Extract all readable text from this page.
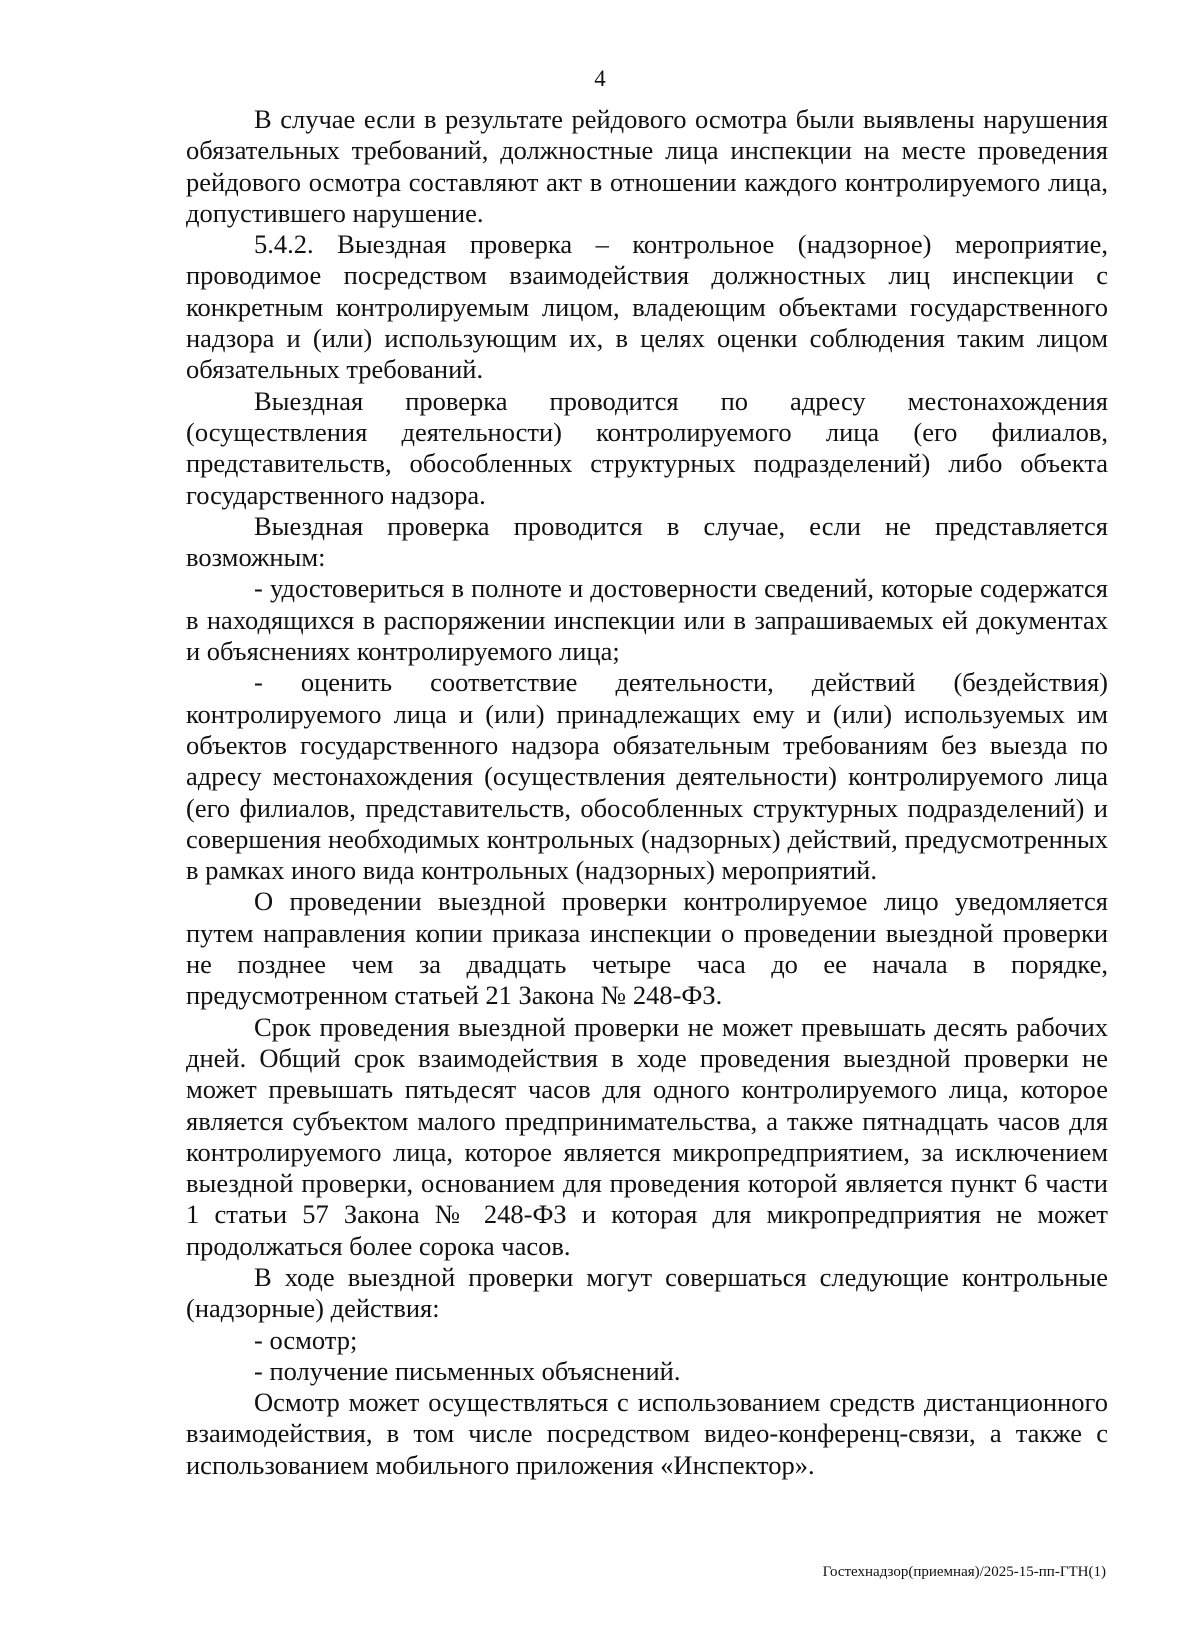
4

В случае если в результате рейдового осмотра были выявлены нарушения обязательных требований, должностные лица инспекции на месте проведения рейдового осмотра составляют акт в отношении каждого контролируемого лица, допустившего нарушение.

5.4.2. Выездная проверка – контрольное (надзорное) мероприятие, проводимое посредством взаимодействия должностных лиц инспекции с конкретным контролируемым лицом, владеющим объектами государственного надзора и (или) использующим их, в целях оценки соблюдения таким лицом обязательных требований.

Выездная проверка проводится по адресу местонахождения (осуществления деятельности) контролируемого лица (его филиалов, представительств, обособленных структурных подразделений) либо объекта государственного надзора.

Выездная проверка проводится в случае, если не представляется возможным:

- удостовериться в полноте и достоверности сведений, которые содержатся в находящихся в распоряжении инспекции или в запрашиваемых ей документах и объяснениях контролируемого лица;

- оценить соответствие деятельности, действий (бездействия) контролируемого лица и (или) принадлежащих ему и (или) используемых им объектов государственного надзора обязательным требованиям без выезда по адресу местонахождения (осуществления деятельности) контролируемого лица (его филиалов, представительств, обособленных структурных подразделений) и совершения необходимых контрольных (надзорных) действий, предусмотренных в рамках иного вида контрольных (надзорных) мероприятий.

О проведении выездной проверки контролируемое лицо уведомляется путем направления копии приказа инспекции о проведении выездной проверки не позднее чем за двадцать четыре часа до ее начала в порядке, предусмотренном статьей 21 Закона № 248-ФЗ.

Срок проведения выездной проверки не может превышать десять рабочих дней. Общий срок взаимодействия в ходе проведения выездной проверки не может превышать пятьдесят часов для одного контролируемого лица, которое является субъектом малого предпринимательства, а также пятнадцать часов для контролируемого лица, которое является микропредприятием, за исключением выездной проверки, основанием для проведения которой является пункт 6 части 1 статьи 57 Закона № 248-ФЗ и которая для микропредприятия не может продолжаться более сорока часов.

В ходе выездной проверки могут совершаться следующие контрольные (надзорные) действия:

- осмотр;

- получение письменных объяснений.

Осмотр может осуществляться с использованием средств дистанционного взаимодействия, в том числе посредством видео-конференц-связи, а также с использованием мобильного приложения «Инспектор».

Гостехнадзор(приемная)/2025-15-пп-ГТН(1)
